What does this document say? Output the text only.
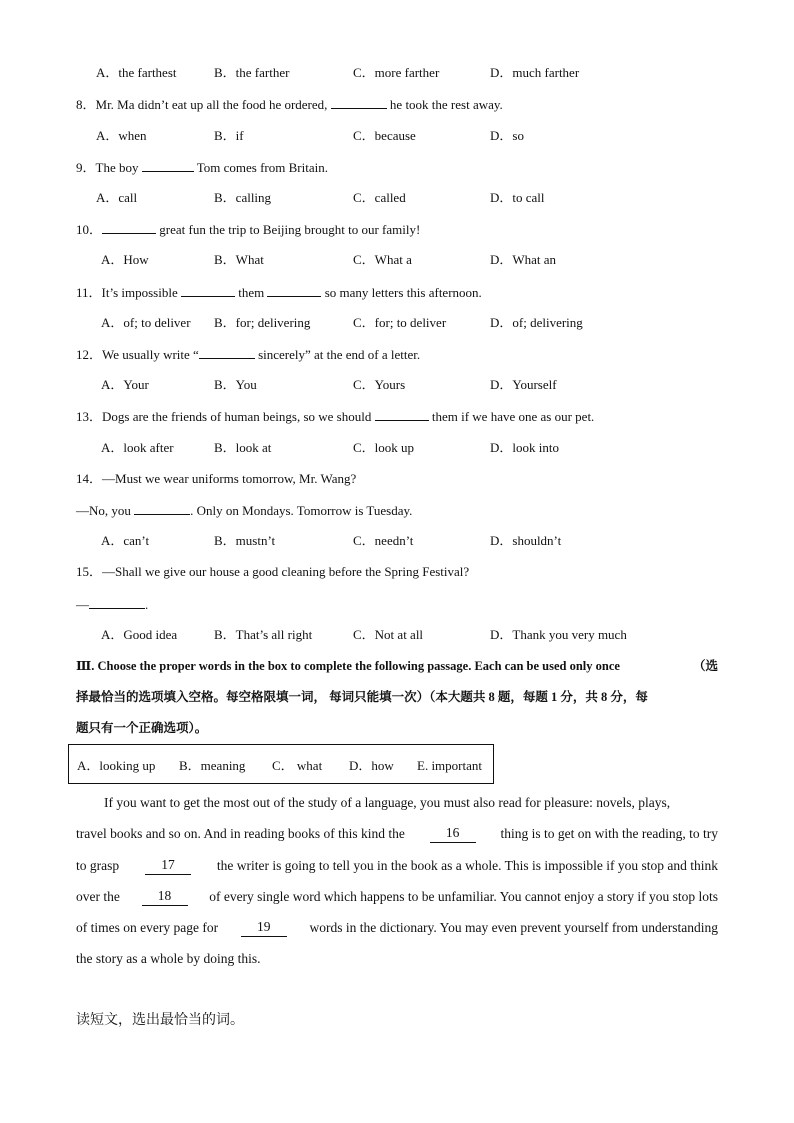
A．the farthest	B．the farther	C．more farther	D．much farther
8．Mr. Ma didn’t eat up all the food he ordered,	he took the rest away.
A．when	B．if	C．because	D．so
9．The boy	Tom comes from Britain.
A．call	B．calling	C．called	D．to call
10．	great fun the trip to Beijing brought to our family!
A．How	B．What	C．What a	D．What an
11．It’s impossible	them	so many letters this afternoon.
A．of; to deliver B．for; delivering	C．for; to deliver	D．of; delivering
12．We usually write “	sincerely” at the end of a letter.
A．Your	B．You	C．Yours	D．Yourself
13．Dogs are the friends of human beings, so we should	them if we have one as our pet.
A．look after	B．look at	C．look up	D．look into
14．—Must we wear uniforms tomorrow, Mr. Wang?
—No, you	. Only on Mondays. Tomorrow is Tuesday.
A．can’t	B．mustn’t	C．needn’t	D．shouldn’t
15．—Shall we give our house a good cleaning before the Spring Festival?
—	.
A．Good idea	B．That’s all right	C．Not at all	D．Thank you very much
Ⅲ. Choose the proper words in the box to complete the following passage. Each can be used only once	（选
择最恰当的选项填入空格。每空格限填一词， 每词只能填一次）（本大题共 8 题，每题 1 分，共 8 分，每
题只有一个正确选项）。
A．looking up B．meaning C． what D．how E. important
If you want to get the most out of the study of a language, you must also read for pleasure: novels, plays,
travel books and so on. And in reading books of this kind the	16	thing is to get on with the reading, to try
to grasp	17	the writer is going to tell you in the book as a whole. This is impossible if you stop and think
over the	18	of every single word which happens to be unfamiliar. You cannot enjoy a story if you stop lots
of times on every page for	19	words in the dictionary. You may even prevent yourself from understanding
the story as a whole by doing this.
读短文，选出最恰当的词。
